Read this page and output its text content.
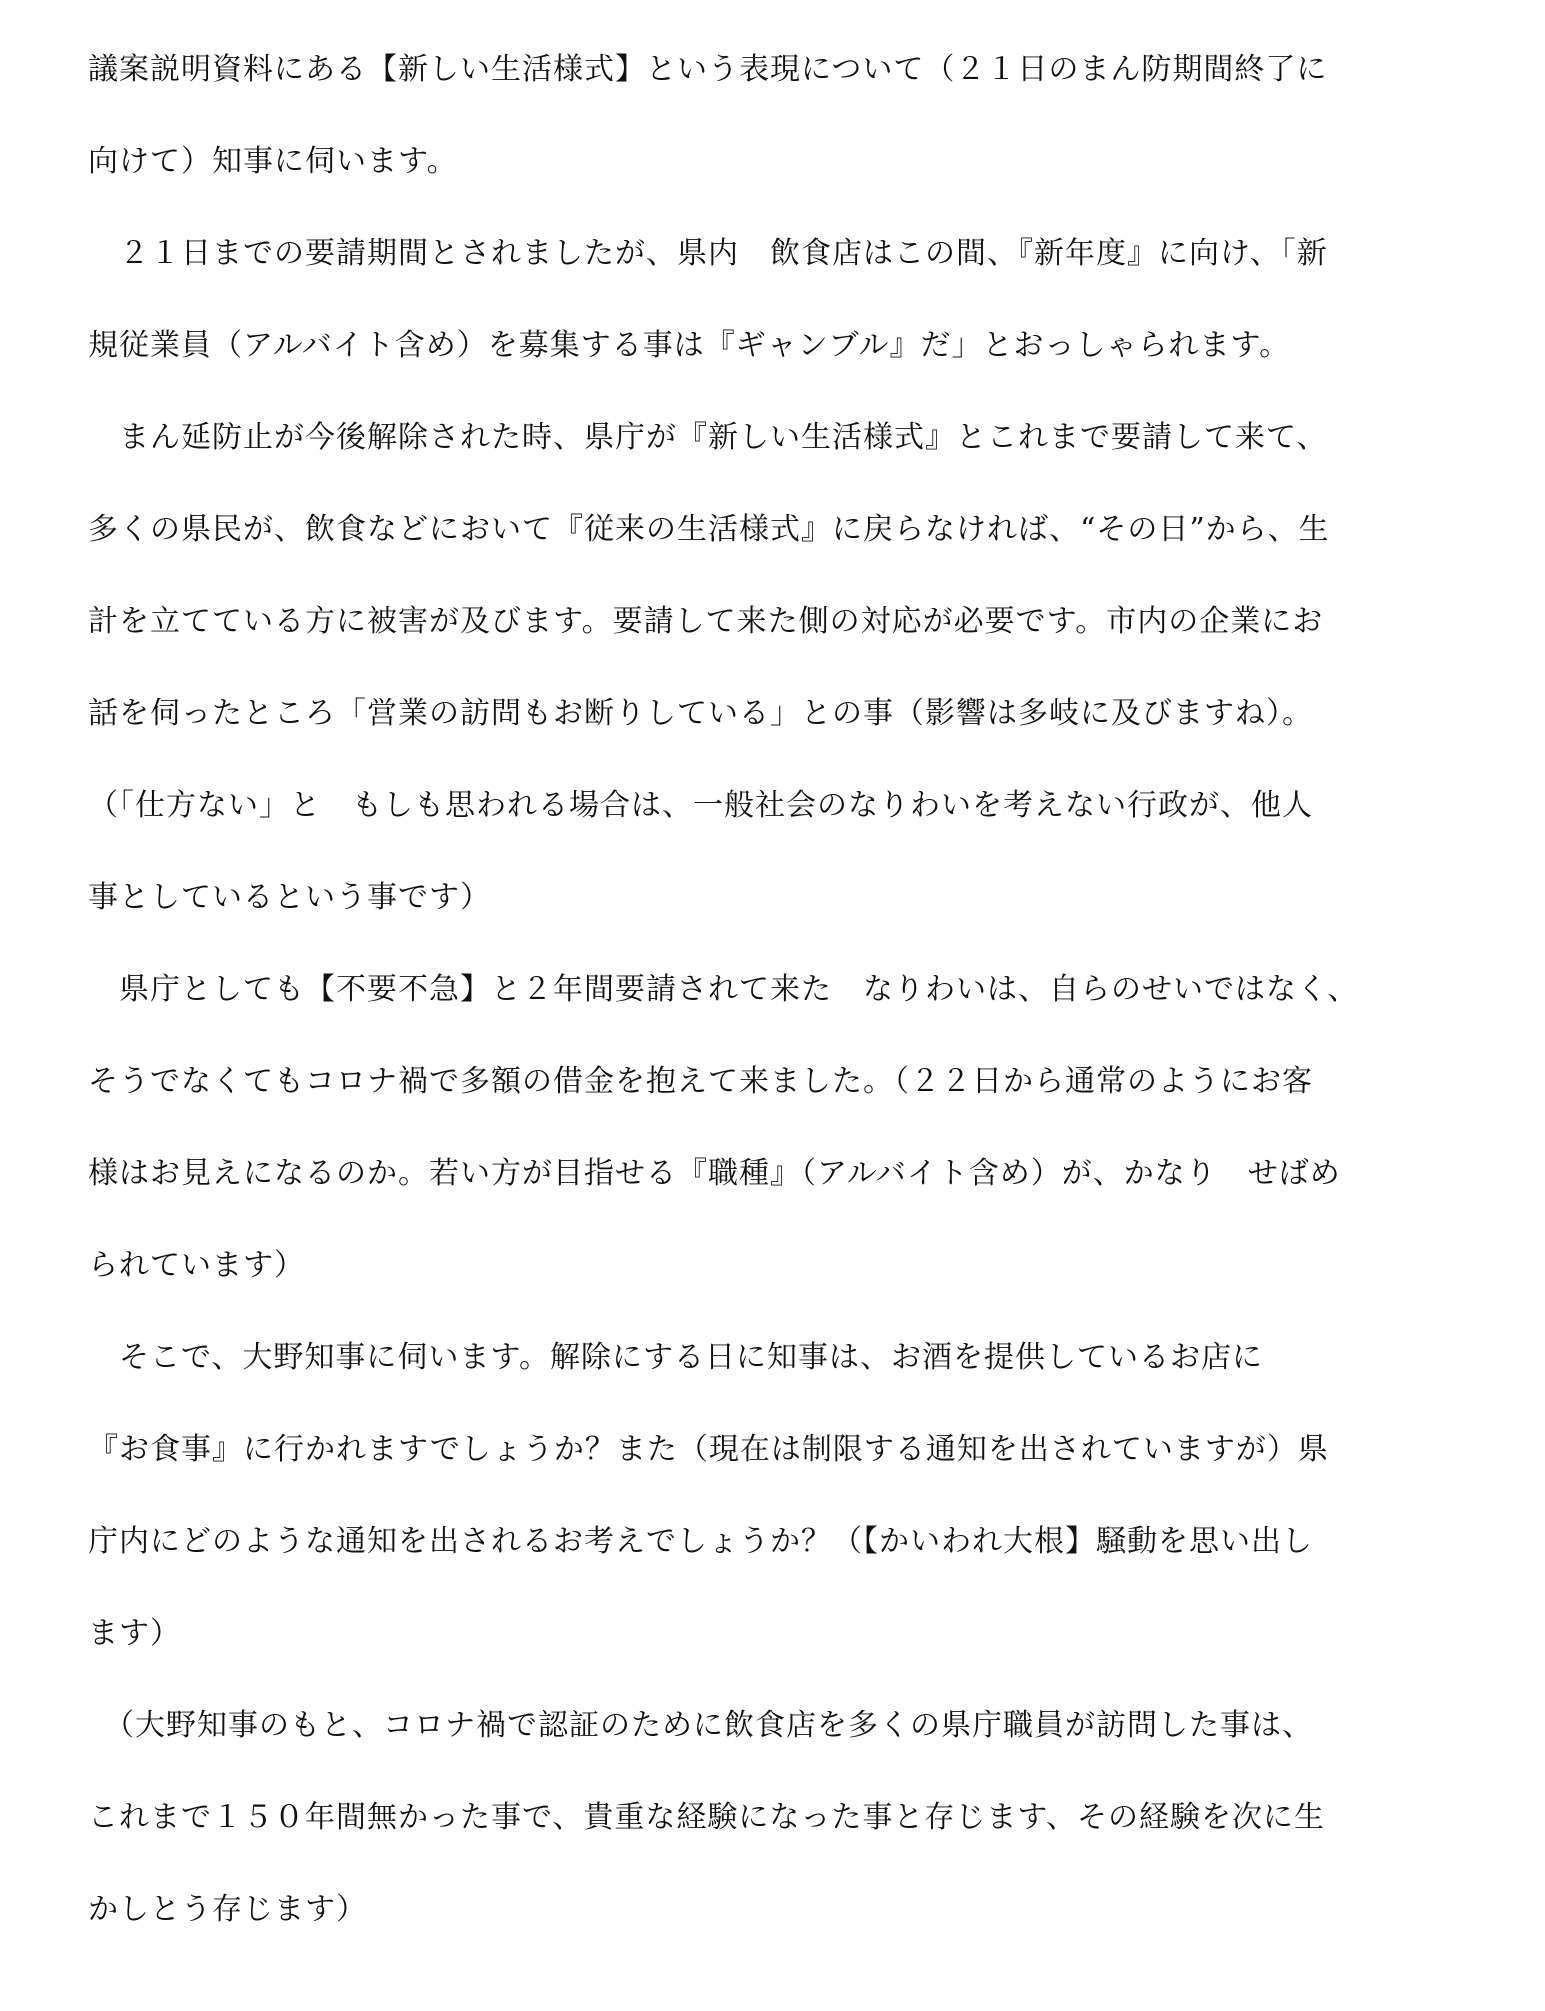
議案説明資料にある【新しい生活様式】という表現について（２１日のまん防期間終了に
向けて）知事に伺います。
　２１日までの要請期間とされましたが、県内　飲食店はこの間、『新年度』に向け、「新
規従業員（アルバイト含め）を募集する事は『ギャンブル』だ」とおっしゃられます。
　まん延防止が今後解除された時、県庁が『新しい生活様式』とこれまで要請して来て、
多くの県民が、飲食などにおいて『従来の生活様式』に戻らなければ、“その日”から、生
計を立てている方に被害が及びます。要請して来た側の対応が必要です。市内の企業にお
話を伺ったところ「営業の訪問もお断りしている」との事（影響は多岐に及びますね）。
（「仕方ない」と　もしも思われる場合は、一般社会のなりわいを考えない行政が、他人
事としているという事です）
　県庁としても【不要不急】と２年間要請されて来た　なりわいは、自らのせいではなく、
そうでなくてもコロナ禍で多額の借金を抱えて来ました。（２２日から通常のようにお客
様はお見えになるのか。若い方が目指せる『職種』（アルバイト含め）が、かなり　せばめ
られています）
　そこで、大野知事に伺います。解除にする日に知事は、お酒を提供しているお店に
『お食事』に行かれますでしょうか？また（現在は制限する通知を出されていますが）県
庁内にどのような通知を出されるお考えでしょうか？（【かいわれ大根】騒動を思い出し
ます）
　（大野知事のもと、コロナ禍で認証のために飲食店を多くの県庁職員が訪問した事は、
これまで１５０年間無かった事で、貴重な経験になった事と存じます、その経験を次に生
かしとう存じます）
